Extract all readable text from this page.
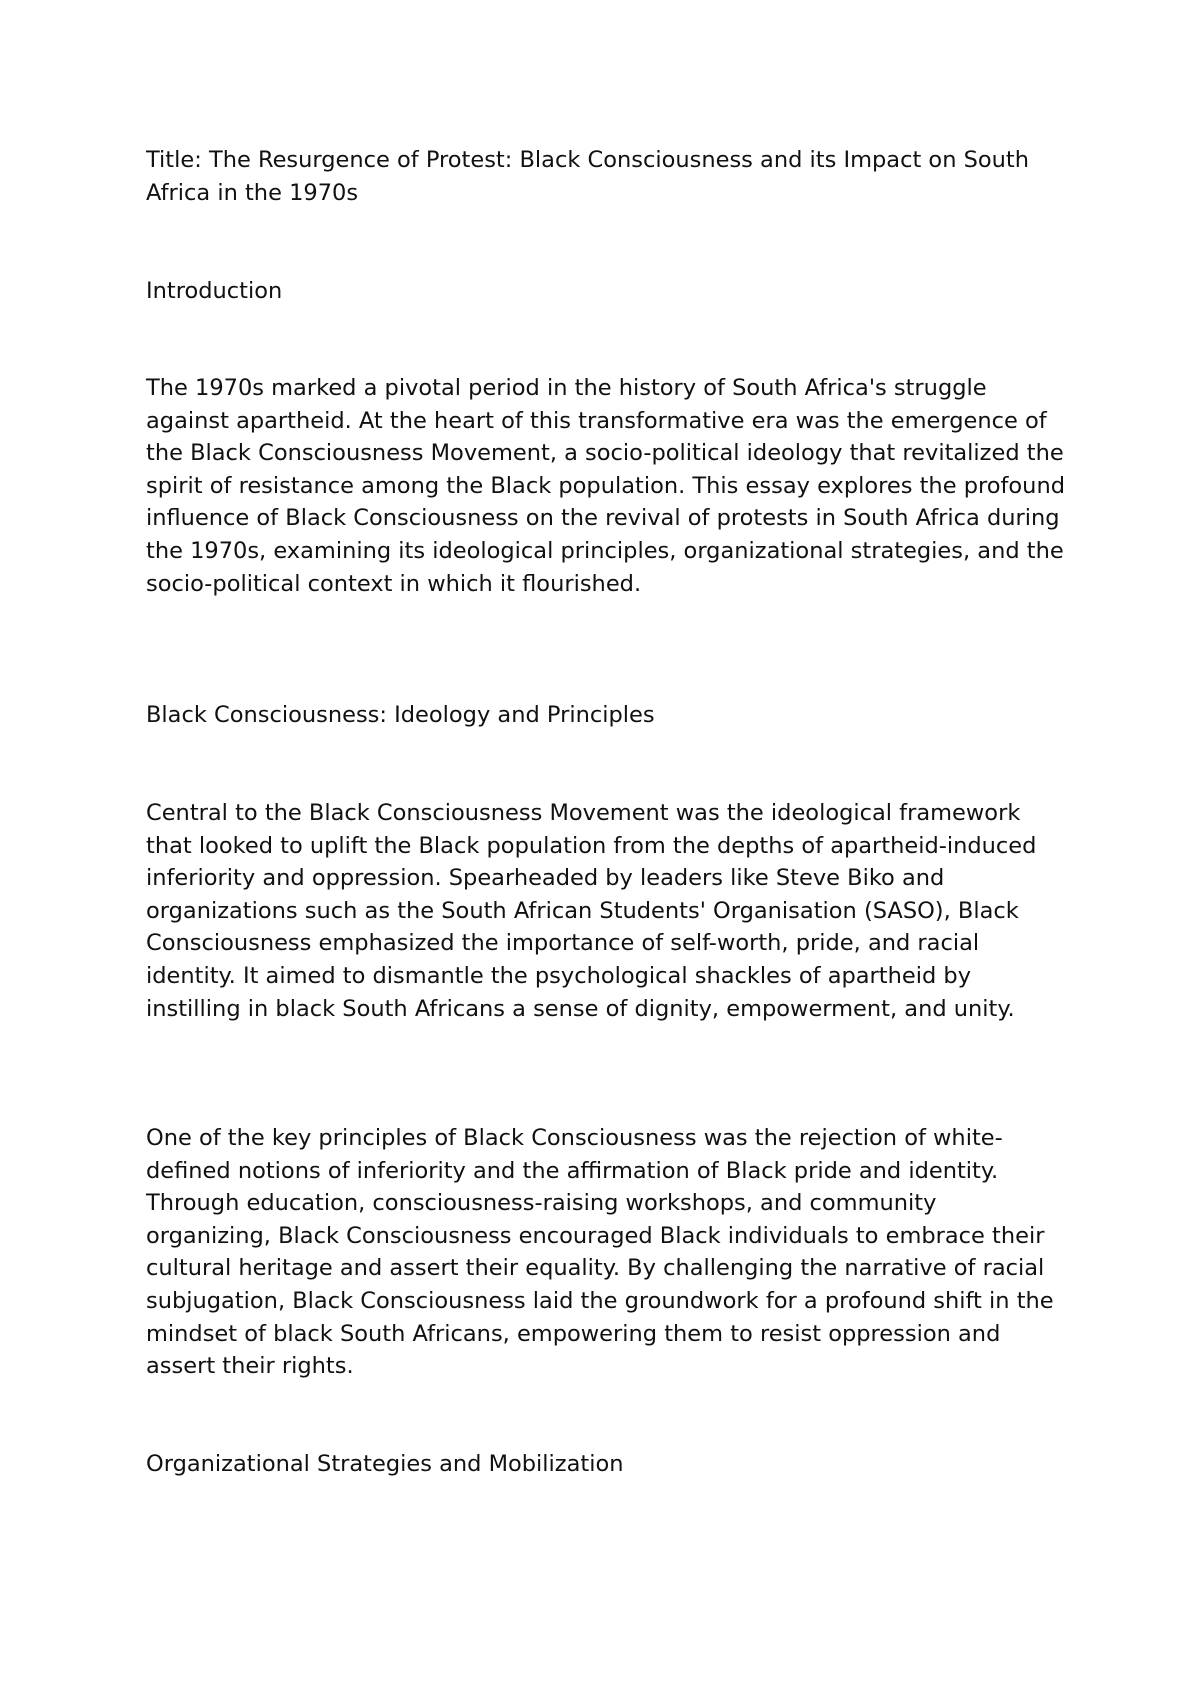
Title: The Resurgence of Protest: Black Consciousness and its Impact on South Africa in the 1970s

Introduction

The 1970s marked a pivotal period in the history of South Africa's struggle against apartheid. At the heart of this transformative era was the emergence of the Black Consciousness Movement, a socio-political ideology that revitalized the spirit of resistance among the Black population. This essay explores the profound influence of Black Consciousness on the revival of protests in South Africa during the 1970s, examining its ideological principles, organizational strategies, and the socio-political context in which it flourished.

Black Consciousness: Ideology and Principles

Central to the Black Consciousness Movement was the ideological framework that looked to uplift the Black population from the depths of apartheid-induced inferiority and oppression. Spearheaded by leaders like Steve Biko and organizations such as the South African Students' Organisation (SASO), Black Consciousness emphasized the importance of self-worth, pride, and racial identity. It aimed to dismantle the psychological shackles of apartheid by instilling in black South Africans a sense of dignity, empowerment, and unity.

One of the key principles of Black Consciousness was the rejection of white-defined notions of inferiority and the affirmation of Black pride and identity. Through education, consciousness-raising workshops, and community organizing, Black Consciousness encouraged Black individuals to embrace their cultural heritage and assert their equality. By challenging the narrative of racial subjugation, Black Consciousness laid the groundwork for a profound shift in the mindset of black South Africans, empowering them to resist oppression and assert their rights.

Organizational Strategies and Mobilization
